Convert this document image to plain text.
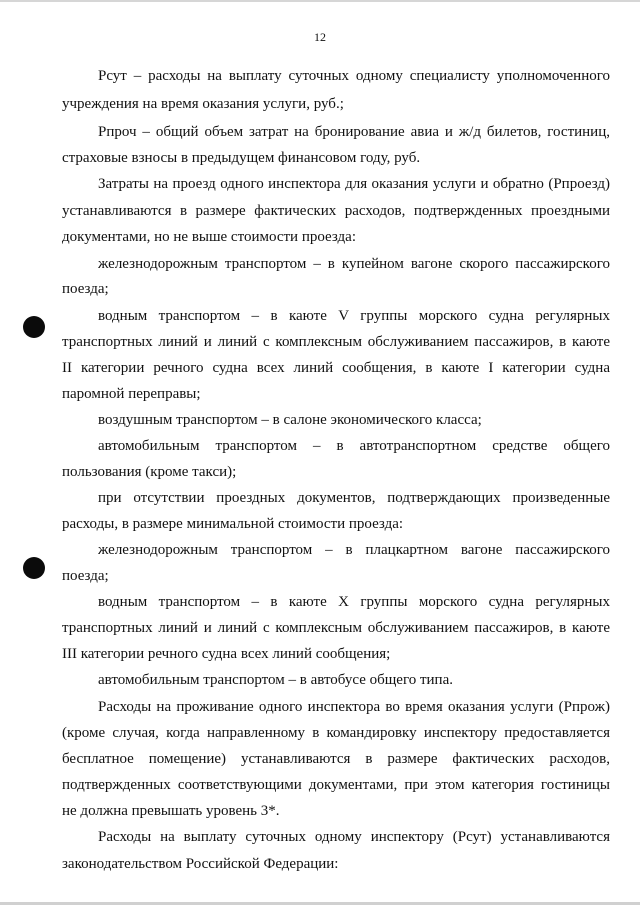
12
Рсут – расходы на выплату суточных одному специалисту уполномоченного
учреждения на время оказания услуги, руб.;
Рпроч – общий объем затрат на бронирование авиа и ж/д билетов, гостиниц,
страховые взносы в предыдущем финансовом году, руб.
Затраты на проезд одного инспектора для оказания услуги и обратно (Рпроезд)
устанавливаются в размере фактических расходов, подтвержденных проездными
документами, но не выше стоимости проезда:
железнодорожным транспортом – в купейном вагоне скорого пассажирского
поезда;
водным транспортом – в каюте V группы морского судна регулярных
транспортных линий и линий с комплексным обслуживанием пассажиров, в каюте
II категории речного судна всех линий сообщения, в каюте I категории судна
паромной переправы;
воздушным транспортом – в салоне экономического класса;
автомобильным транспортом – в автотранспортном средстве общего
пользования (кроме такси);
при отсутствии проездных документов, подтверждающих произведенные
расходы, в размере минимальной стоимости проезда:
железнодорожным транспортом – в плацкартном вагоне пассажирского
поезда;
водным транспортом – в каюте X группы морского судна регулярных
транспортных линий и линий с комплексным обслуживанием пассажиров, в каюте
III категории речного судна всех линий сообщения;
автомобильным транспортом – в автобусе общего типа.
Расходы на проживание одного инспектора во время оказания услуги (Рпрож)
(кроме случая, когда направленному в командировку инспектору предоставляется
бесплатное помещение) устанавливаются в размере фактических расходов,
подтвержденных соответствующими документами, при этом категория гостиницы
не должна превышать уровень 3*.
Расходы на выплату суточных одному инспектору (Рсут) устанавливаются
законодательством Российской Федерации:
